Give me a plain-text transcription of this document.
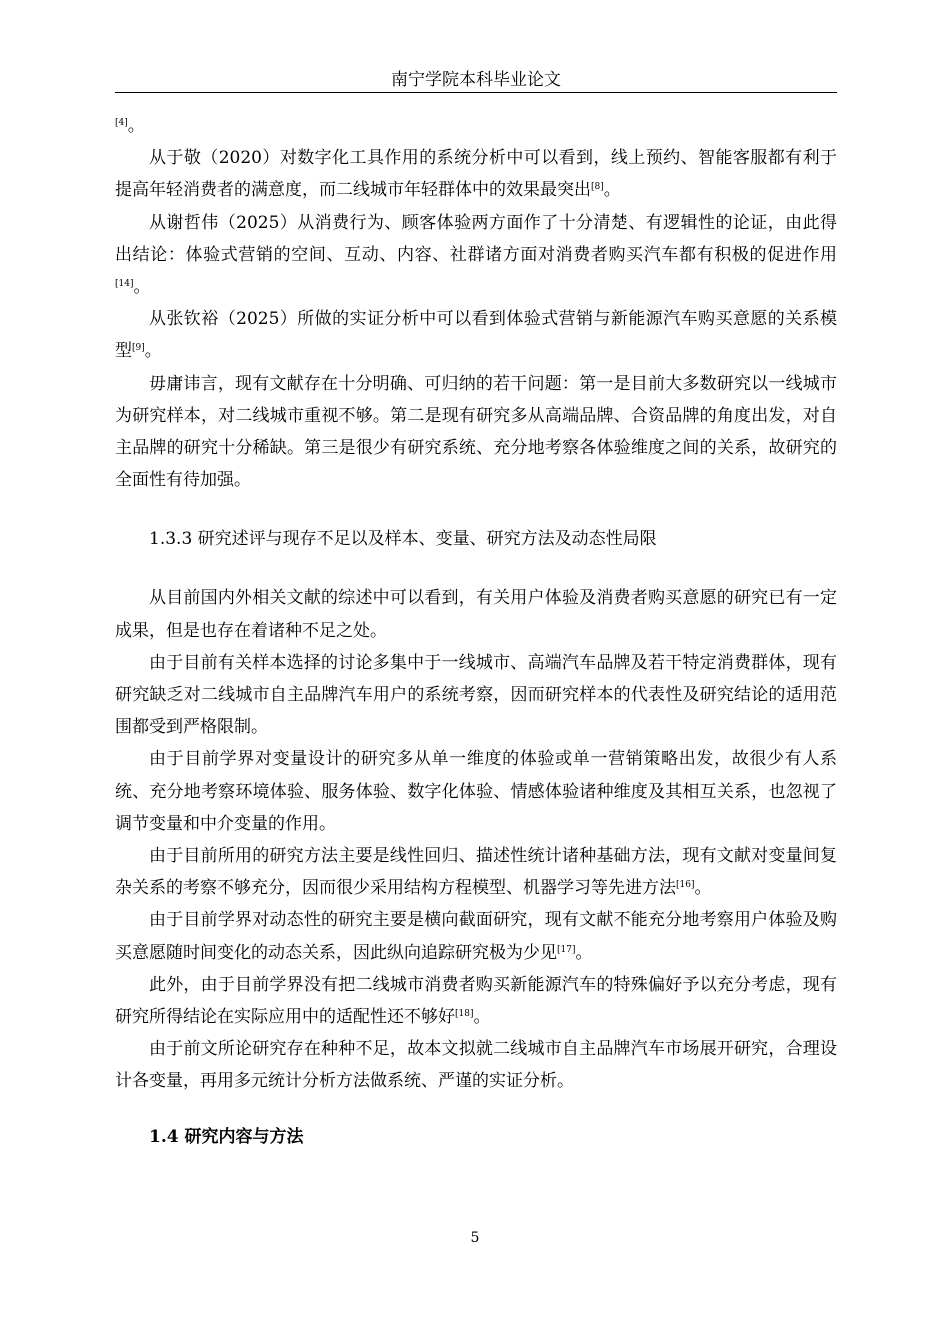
南宁学院本科毕业论文

[4]。

从于敬（2020）对数字化工具作用的系统分析中可以看到，线上预约、智能客服都有利于提高年轻消费者的满意度，而二线城市年轻群体中的效果最突出[8]。

从谢哲伟（2025）从消费行为、顾客体验两方面作了十分清楚、有逻辑性的论证，由此得出结论：体验式营销的空间、互动、内容、社群诸方面对消费者购买汽车都有积极的促进作用[14]。

从张钦裕（2025）所做的实证分析中可以看到体验式营销与新能源汽车购买意愿的关系模型[9]。

毋庸讳言，现有文献存在十分明确、可归纳的若干问题：第一是目前大多数研究以一线城市为研究样本，对二线城市重视不够。第二是现有研究多从高端品牌、合资品牌的角度出发，对自主品牌的研究十分稀缺。第三是很少有研究系统、充分地考察各体验维度之间的关系，故研究的全面性有待加强。

1.3.3 研究述评与现存不足以及样本、变量、研究方法及动态性局限

从目前国内外相关文献的综述中可以看到，有关用户体验及消费者购买意愿的研究已有一定成果，但是也存在着诸种不足之处。

由于目前有关样本选择的讨论多集中于一线城市、高端汽车品牌及若干特定消费群体，现有研究缺乏对二线城市自主品牌汽车用户的系统考察，因而研究样本的代表性及研究结论的适用范围都受到严格限制。

由于目前学界对变量设计的研究多从单一维度的体验或单一营销策略出发，故很少有人系统、充分地考察环境体验、服务体验、数字化体验、情感体验诸种维度及其相互关系，也忽视了调节变量和中介变量的作用。

由于目前所用的研究方法主要是线性回归、描述性统计诸种基础方法，现有文献对变量间复杂关系的考察不够充分，因而很少采用结构方程模型、机器学习等先进方法[16]。

由于目前学界对动态性的研究主要是横向截面研究，现有文献不能充分地考察用户体验及购买意愿随时间变化的动态关系，因此纵向追踪研究极为少见[17]。

此外，由于目前学界没有把二线城市消费者购买新能源汽车的特殊偏好予以充分考虑，现有研究所得结论在实际应用中的适配性还不够好[18]。

由于前文所论研究存在种种不足，故本文拟就二线城市自主品牌汽车市场展开研究，合理设计各变量，再用多元统计分析方法做系统、严谨的实证分析。

1.4 研究内容与方法

5
